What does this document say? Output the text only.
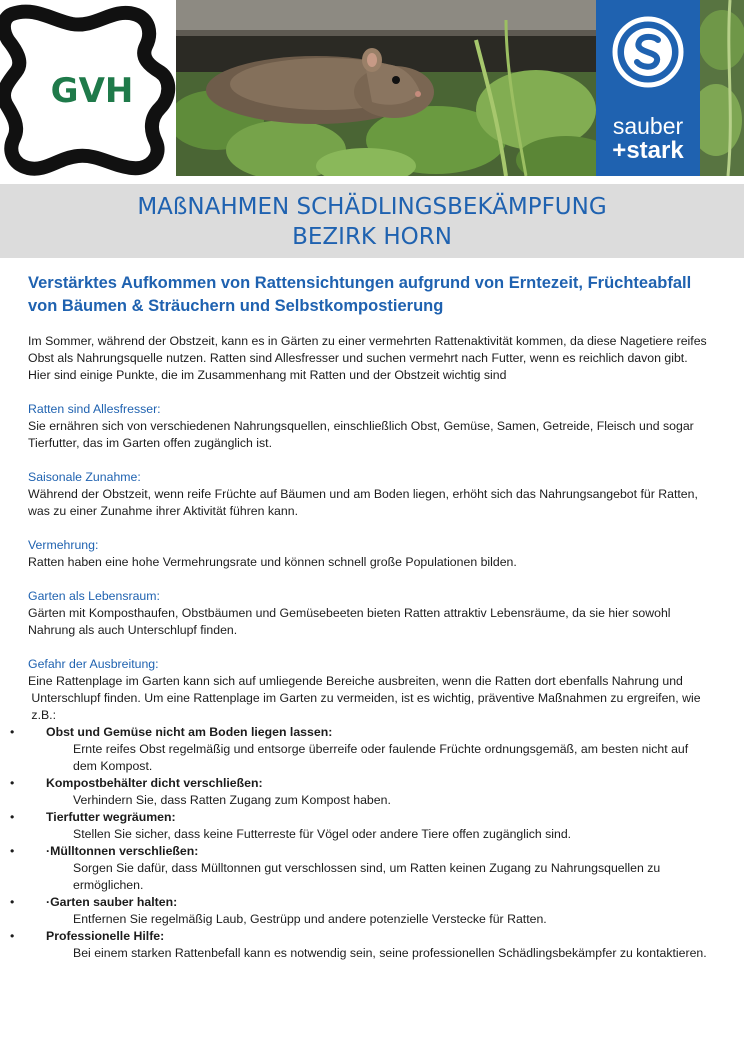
GVH
sauber
+stark
MAßNAHMEN SCHÄDLINGSBEKÄMPFUNG
BEZIRK HORN
Verstärktes Aufkommen von Rattensichtungen aufgrund von Erntezeit, Früchteabfall
von Bäumen & Sträuchern und Selbstkompostierung
Im Sommer, während der Obstzeit, kann es in Gärten zu einer vermehrten Rattenaktivität kommen, da diese Nagetiere reifes
Obst als Nahrungsquelle nutzen. Ratten sind Allesfresser und suchen vermehrt nach Futter, wenn es reichlich davon gibt.
Hier sind einige Punkte, die im Zusammenhang mit Ratten und der Obstzeit wichtig sind
Ratten sind Allesfresser:
Sie ernähren sich von verschiedenen Nahrungsquellen, einschließlich Obst, Gemüse, Samen, Getreide, Fleisch und sogar
Tierfutter, das im Garten offen zugänglich ist.
Saisonale Zunahme:
Während der Obstzeit, wenn reife Früchte auf Bäumen und am Boden liegen, erhöht sich das Nahrungsangebot für Ratten,
was zu einer Zunahme ihrer Aktivität führen kann.
Vermehrung:
Ratten haben eine hohe Vermehrungsrate und können schnell große Populationen bilden.
Garten als Lebensraum:
Gärten mit Komposthaufen, Obstbäumen und Gemüsebeeten bieten Ratten attraktiv Lebensräume, da sie hier sowohl
Nahrung als auch Unterschlupf finden.
Gefahr der Ausbreitung:
Eine Rattenplage im Garten kann sich auf umliegende Bereiche ausbreiten, wenn die Ratten dort ebenfalls Nahrung und
Unterschlupf finden. Um eine Rattenplage im Garten zu vermeiden, ist es wichtig, präventive Maßnahmen zu ergreifen, wie
z.B.:
•	Obst und Gemüse nicht am Boden liegen lassen:
Ernte reifes Obst regelmäßig und entsorge überreife oder faulende Früchte ordnungsgemäß, am besten nicht auf
dem Kompost.
•	Kompostbehälter dicht verschließen:
Verhindern Sie, dass Ratten Zugang zum Kompost haben.
•	Tierfutter wegräumen:
Stellen Sie sicher, dass keine Futterreste für Vögel oder andere Tiere offen zugänglich sind.
•	·Mülltonnen verschließen:
Sorgen Sie dafür, dass Mülltonnen gut verschlossen sind, um Ratten keinen Zugang zu Nahrungsquellen zu
ermöglichen.
•	·Garten sauber halten:
Entfernen Sie regelmäßig Laub, Gestrüpp und andere potenzielle Verstecke für Ratten.
•	Professionelle Hilfe:
Bei einem starken Rattenbefall kann es notwendig sein, seine professionellen Schädlingsbekämpfer zu kontaktieren.
